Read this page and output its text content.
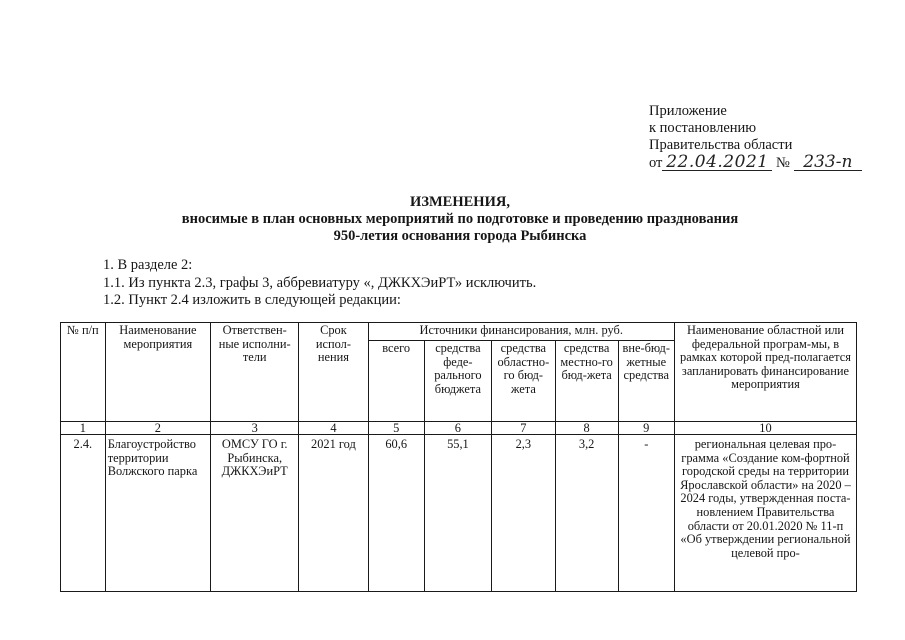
Приложение
к постановлению
Правительства области
от 22.04.2021 № 233-п
ИЗМЕНЕНИЯ,
вносимые в план основных мероприятий по подготовке и проведению празднования
950-летия основания города Рыбинска
1. В разделе 2:
1.1. Из пункта 2.3, графы 3, аббревиатуру «, ДЖКХЭиРТ» исключить.
1.2. Пункт 2.4 изложить в следующей редакции:
№ п/п	Наименование мероприятия	Ответствен-ные исполни-тели	Срок испол-нения	Источники финансирования, млн. руб.					Наименование областной или федеральной програм-мы, в рамках которой пред-полагается запланировать финансирование мероприятия
				всего	средства феде-рального бюджета	средства областно-го бюд-жета	средства местно-го бюд-жета	вне-бюд-жетные средства	
1	2	3	4	5	6	7	8	9	10
2.4.	Благоустройство территории Волжского парка	ОМСУ ГО г. Рыбинска, ДЖКХЭиРТ	2021 год	60,6	55,1	2,3	3,2	-	региональная целевая про-грамма «Создание ком-фортной городской среды на территории Ярославской области» на 2020 – 2024 годы, утвержденная поста-новлением Правительства области от 20.01.2020 № 11-п «Об утверждении региональной целевой про-
